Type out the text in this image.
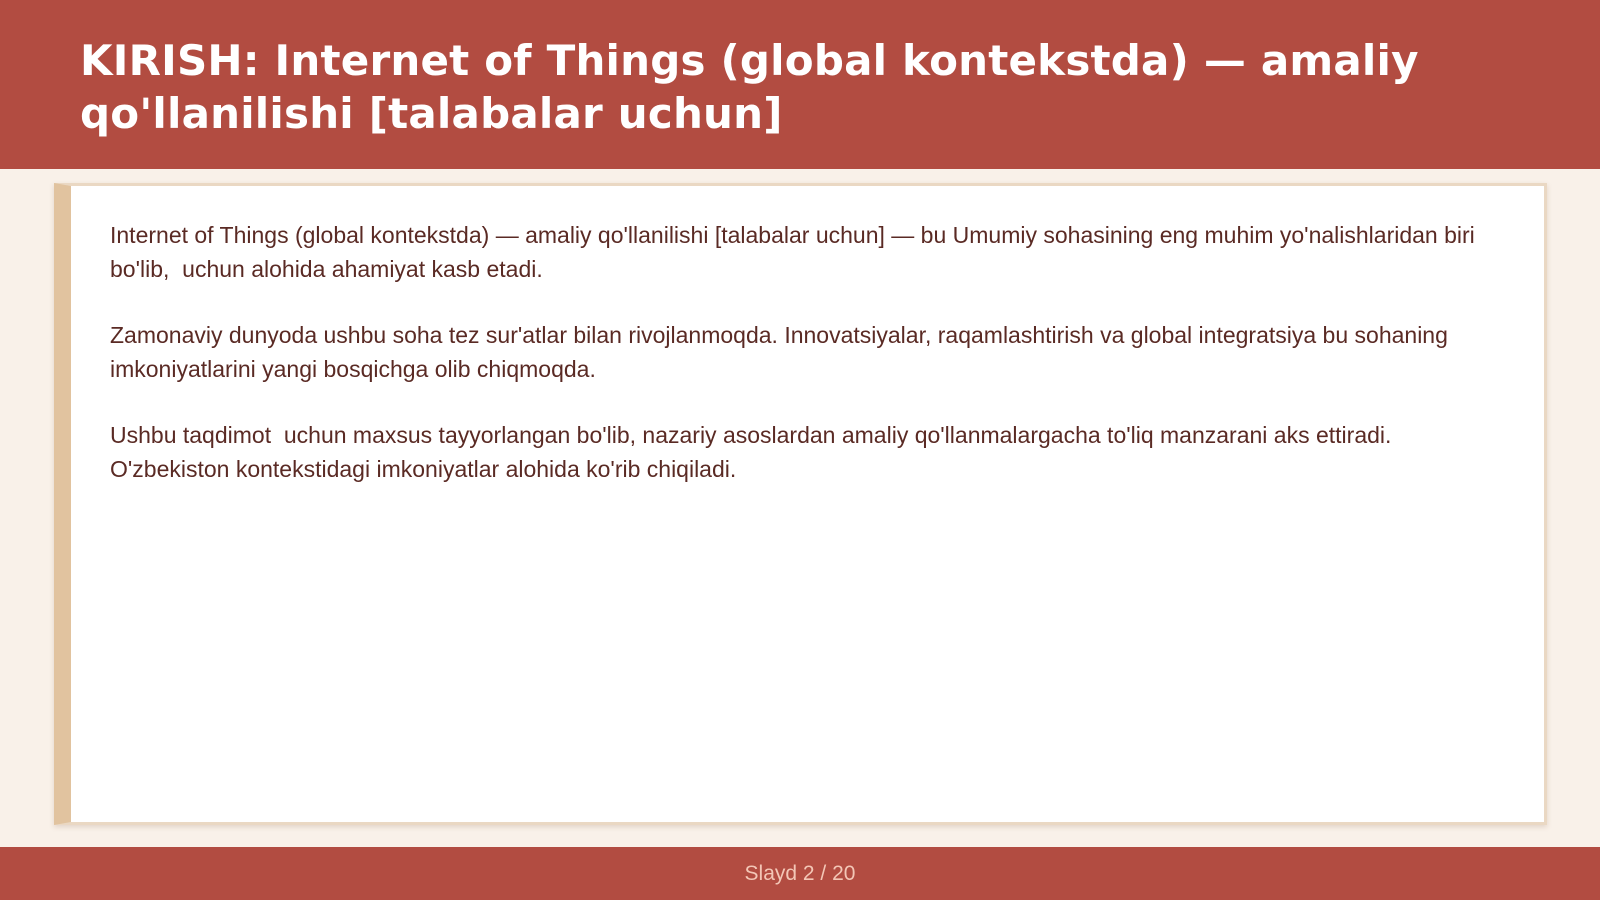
KIRISH: Internet of Things (global kontekstda) — amaliy qo'llanilishi [talabalar uchun]

Internet of Things (global kontekstda) — amaliy qo'llanilishi [talabalar uchun] — bu Umumiy sohasining eng muhim yo'nalishlaridan biri bo'lib,  uchun alohida ahamiyat kasb etadi.

Zamonaviy dunyoda ushbu soha tez sur'atlar bilan rivojlanmoqda. Innovatsiyalar, raqamlashtirish va global integratsiya bu sohaning imkoniyatlarini yangi bosqichga olib chiqmoqda.

Ushbu taqdimot  uchun maxsus tayyorlangan bo'lib, nazariy asoslardan amaliy qo'llanmalargacha to'liq manzarani aks ettiradi. O'zbekiston kontekstidagi imkoniyatlar alohida ko'rib chiqiladi.

Slayd 2 / 20
